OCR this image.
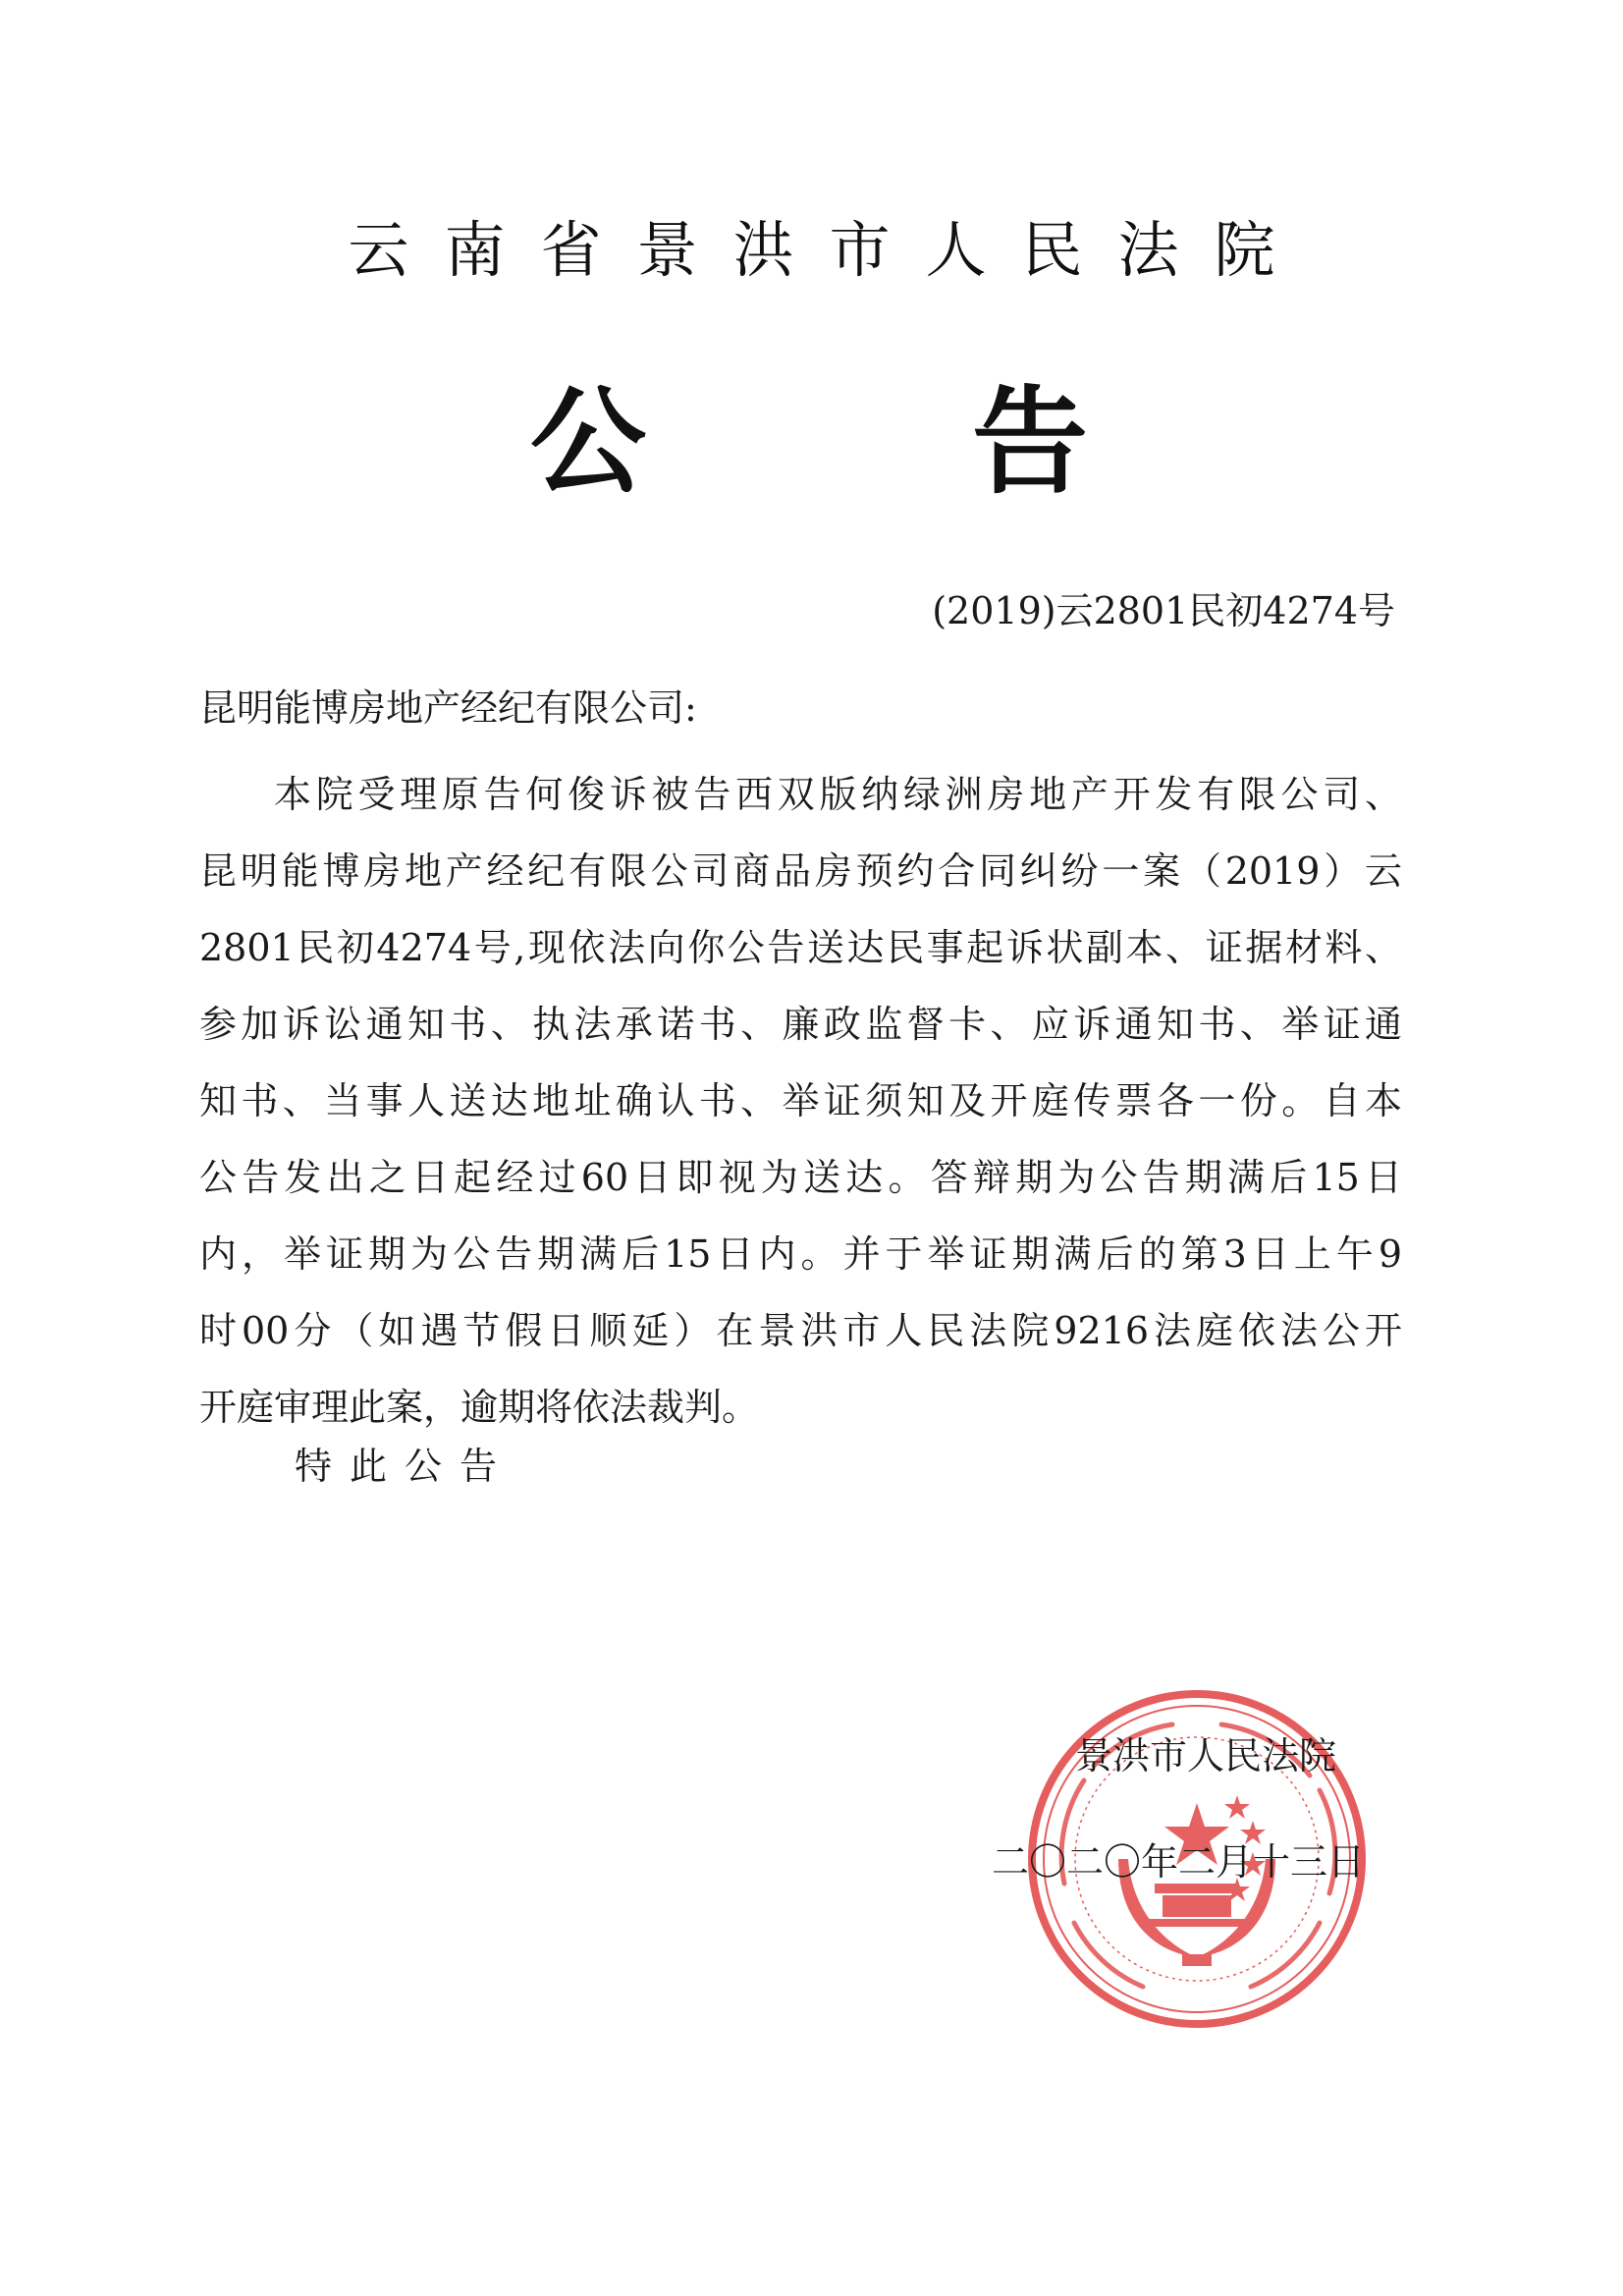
云南省景洪市人民法院
公	告
(2019)云2801民初4274号
昆明能博房地产经纪有限公司:
本院受理原告何俊诉被告西双版纳绿洲房地产开发有限公司、
昆明能博房地产经纪有限公司商品房预约合同纠纷一案（2019）云
2801民初4274号,现依法向你公告送达民事起诉状副本、证据材料、
参加诉讼通知书、执法承诺书、廉政监督卡、应诉通知书、举证通
知书、当事人送达地址确认书、举证须知及开庭传票各一份。自本
公告发出之日起经过60日即视为送达。答辩期为公告期满后15日
内，举证期为公告期满后15日内。并于举证期满后的第3日上午9
时00分（如遇节假日顺延）在景洪市人民法院9216法庭依法公开
开庭审理此案，逾期将依法裁判。
特此公告
景洪市人民法院
二〇二〇年二月十三日
